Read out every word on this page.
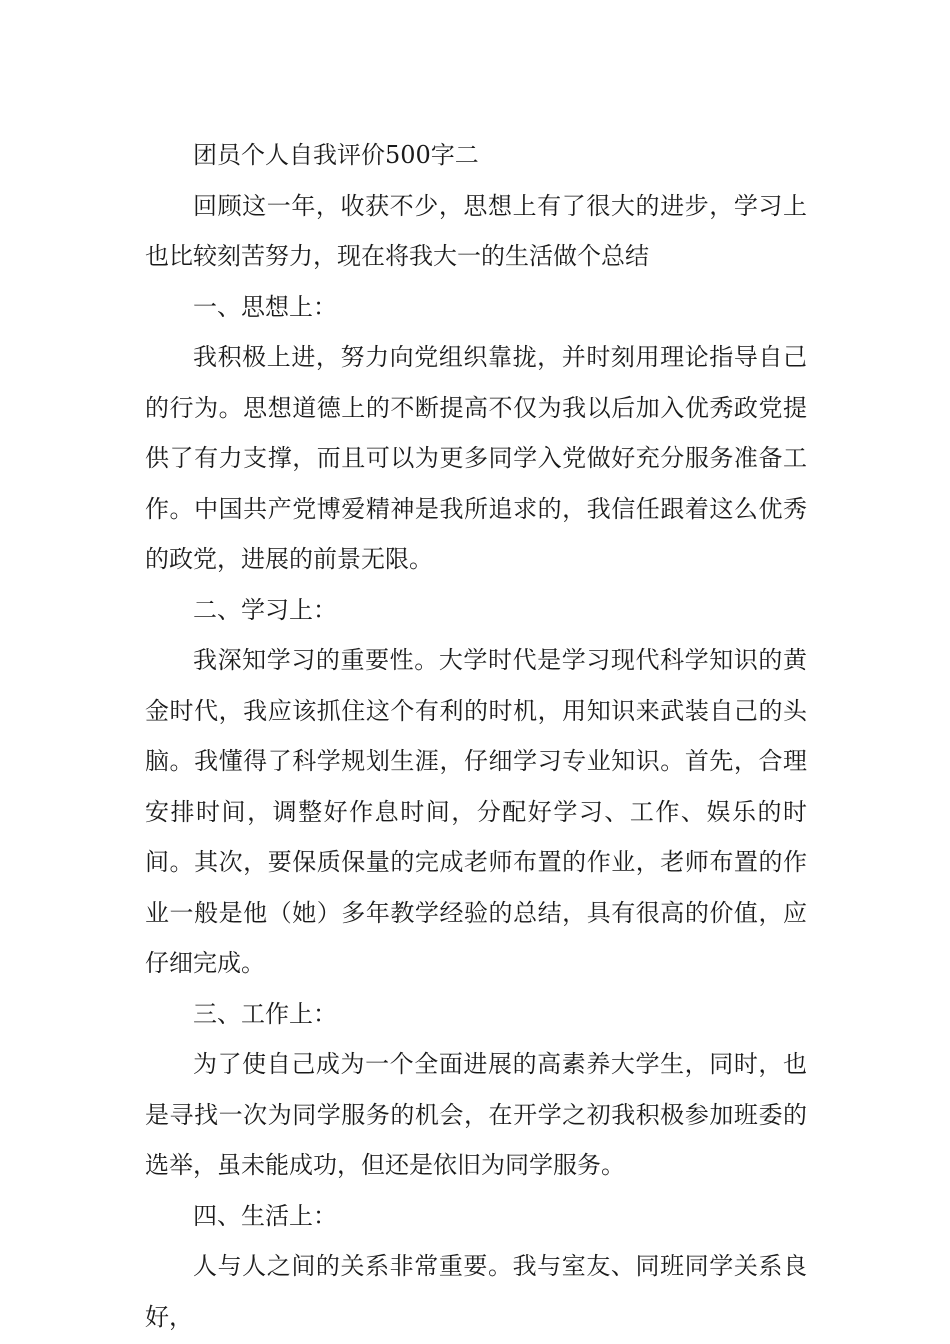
团员个人自我评价500字二

回顾这一年，收获不少，思想上有了很大的进步，学习上也比较刻苦努力，现在将我大一的生活做个总结

一、思想上：

我积极上进，努力向党组织靠拢，并时刻用理论指导自己的行为。思想道德上的不断提高不仅为我以后加入优秀政党提供了有力支撑，而且可以为更多同学入党做好充分服务准备工作。中国共产党博爱精神是我所追求的，我信任跟着这么优秀的政党，进展的前景无限。

二、学习上：

我深知学习的重要性。大学时代是学习现代科学知识的黄金时代，我应该抓住这个有利的时机，用知识来武装自己的头脑。我懂得了科学规划生涯，仔细学习专业知识。首先，合理安排时间，调整好作息时间，分配好学习、工作、娱乐的时间。其次，要保质保量的完成老师布置的作业，老师布置的作业一般是他（她）多年教学经验的总结，具有很高的价值，应仔细完成。

三、工作上：

为了使自己成为一个全面进展的高素养大学生，同时，也是寻找一次为同学服务的机会，在开学之初我积极参加班委的选举，虽未能成功，但还是依旧为同学服务。

四、生活上：

人与人之间的关系非常重要。我与室友、同班同学关系良好，
